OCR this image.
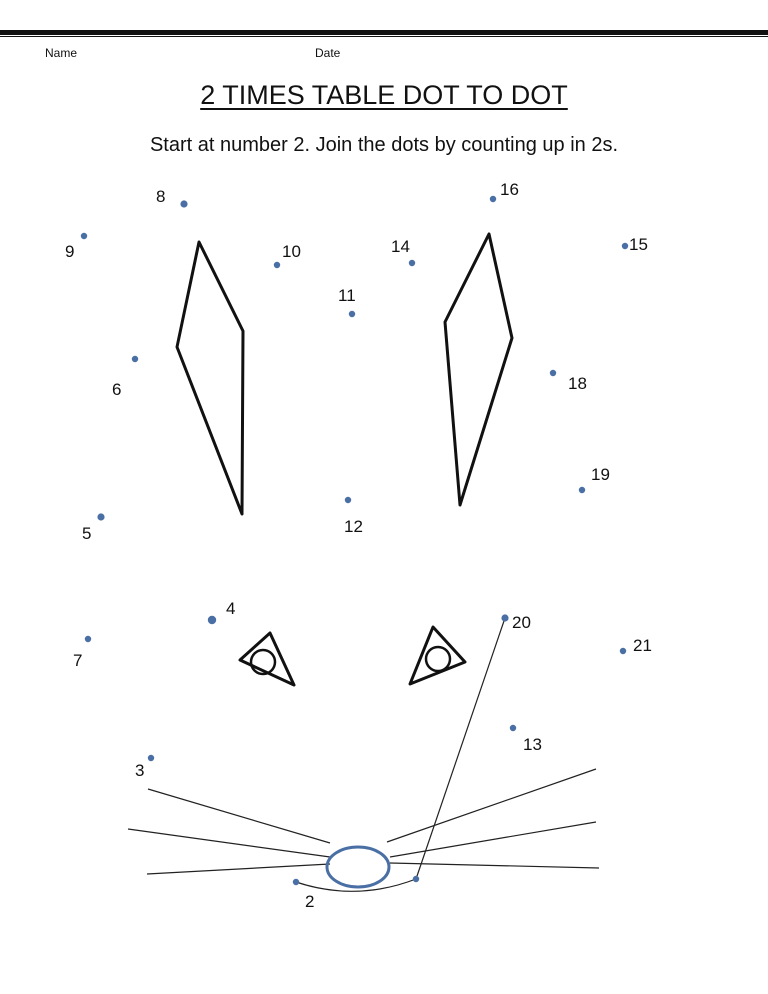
Name	Date
2 TIMES TABLE DOT TO DOT
Start at number 2. Join the dots by counting up in 2s.
2
3
4
5
6
7
8
9	10
11
12
13
14	15
16
18
19
20
21
